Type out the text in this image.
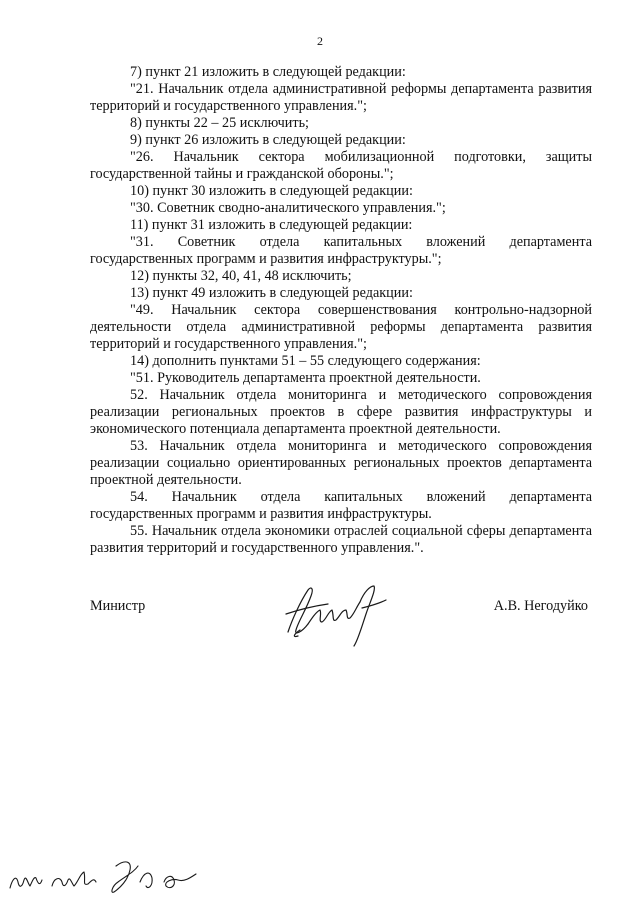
2

7) пункт 21 изложить в следующей редакции:

"21. Начальник отдела административной реформы департамента развития территорий и государственного управления.";

8) пункты 22 – 25 исключить;

9) пункт 26 изложить в следующей редакции:

"26. Начальник сектора мобилизационной подготовки, защиты государственной тайны и гражданской обороны.";

10) пункт 30 изложить в следующей редакции:

"30. Советник сводно-аналитического управления.";

11) пункт 31 изложить в следующей редакции:

"31. Советник отдела капитальных вложений департамента государственных программ и развития инфраструктуры.";

12) пункты 32, 40, 41, 48 исключить;

13) пункт 49 изложить в следующей редакции:

"49. Начальник сектора совершенствования контрольно-надзорной деятельности отдела административной реформы департамента развития территорий и государственного управления.";

14) дополнить пунктами 51 – 55 следующего содержания:

"51. Руководитель департамента проектной деятельности.

52. Начальник отдела мониторинга и методического сопровождения реализации региональных проектов в сфере развития инфраструктуры и экономического потенциала департамента проектной деятельности.

53. Начальник отдела мониторинга и методического сопровождения реализации социально ориентированных региональных проектов департамента проектной деятельности.

54. Начальник отдела капитальных вложений департамента государственных программ и развития инфраструктуры.

55. Начальник отдела экономики отраслей социальной сферы департамента развития территорий и государственного управления.".

Министр	А.В. Негодуйко
